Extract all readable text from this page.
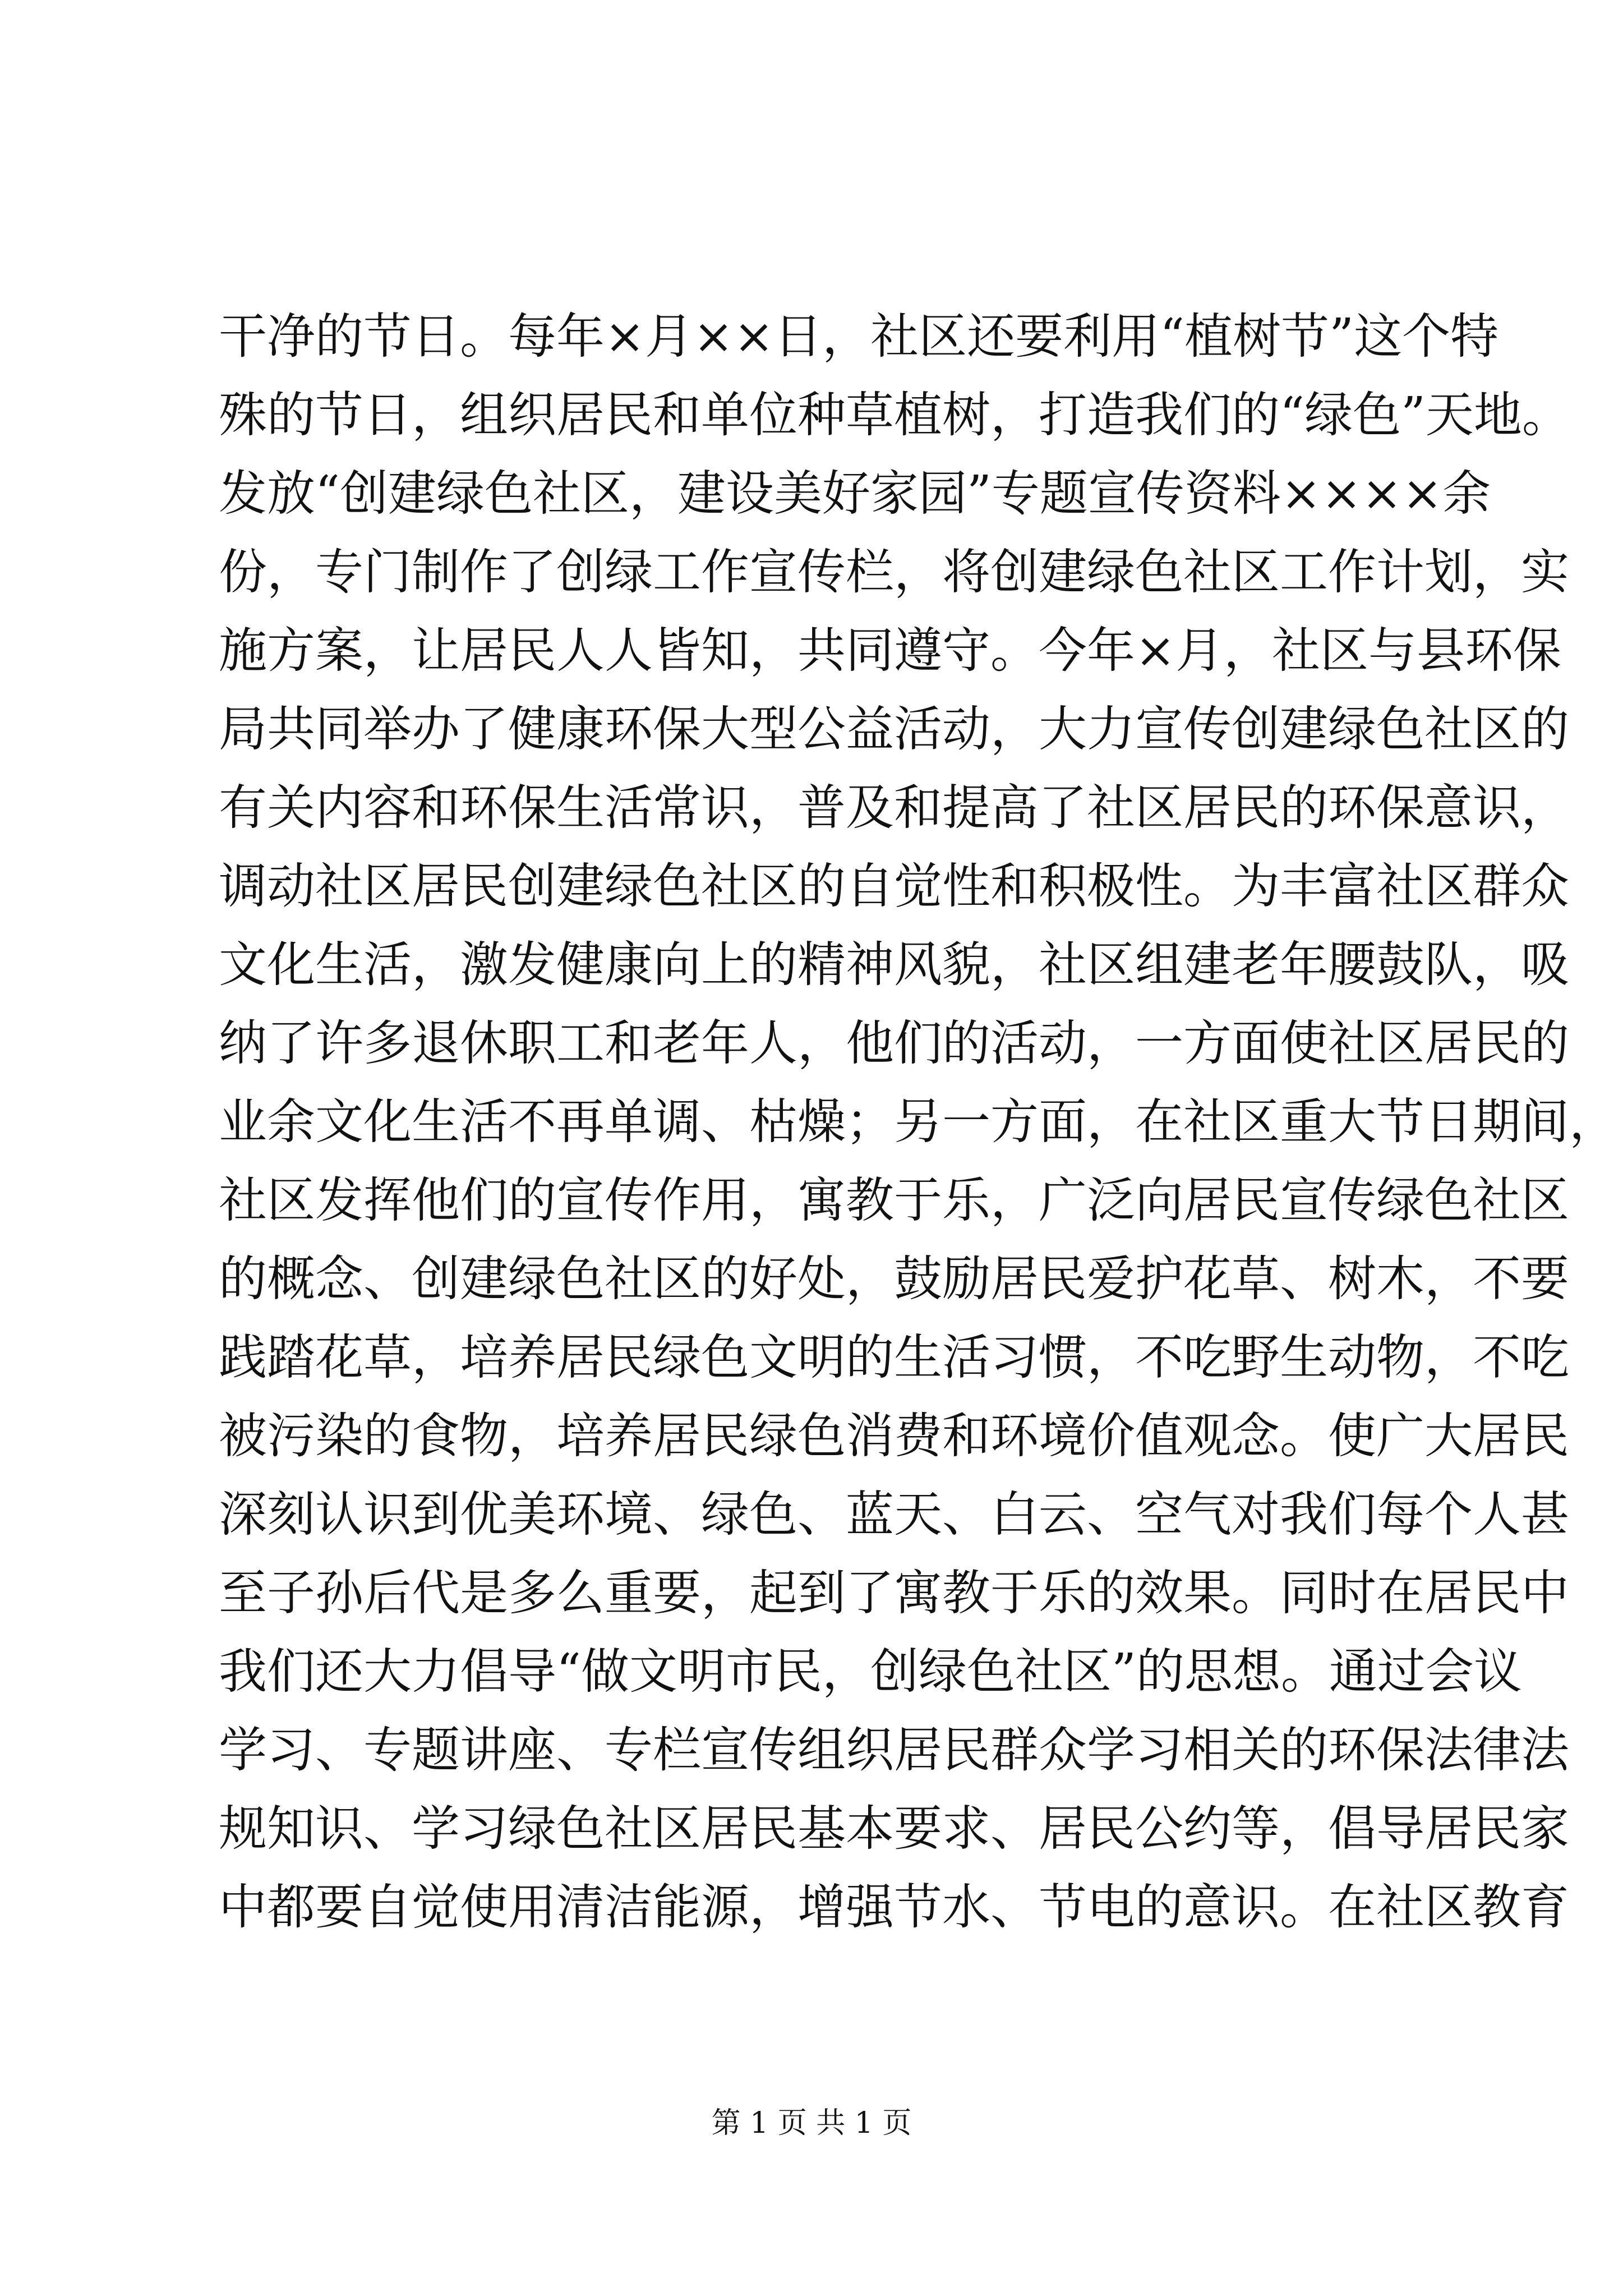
干净的节日。每年×月××日，社区还要利用“植树节”这个特
殊的节日，组织居民和单位种草植树，打造我们的“绿色”天地。
发放“创建绿色社区，建设美好家园”专题宣传资料××××余
份，专门制作了创绿工作宣传栏，将创建绿色社区工作计划，实
施方案，让居民人人皆知，共同遵守。今年×月，社区与县环保
局共同举办了健康环保大型公益活动，大力宣传创建绿色社区的
有关内容和环保生活常识，普及和提高了社区居民的环保意识，
调动社区居民创建绿色社区的自觉性和积极性。为丰富社区群众
文化生活，激发健康向上的精神风貌，社区组建老年腰鼓队，吸
纳了许多退休职工和老年人，他们的活动，一方面使社区居民的
业余文化生活不再单调、枯燥；另一方面，在社区重大节日期间，
社区发挥他们的宣传作用，寓教于乐，广泛向居民宣传绿色社区
的概念、创建绿色社区的好处，鼓励居民爱护花草、树木，不要
践踏花草，培养居民绿色文明的生活习惯，不吃野生动物，不吃
被污染的食物，培养居民绿色消费和环境价值观念。使广大居民
深刻认识到优美环境、绿色、蓝天、白云、空气对我们每个人甚
至子孙后代是多么重要，起到了寓教于乐的效果。同时在居民中
我们还大力倡导“做文明市民，创绿色社区”的思想。通过会议
学习、专题讲座、专栏宣传组织居民群众学习相关的环保法律法
规知识、学习绿色社区居民基本要求、居民公约等，倡导居民家
中都要自觉使用清洁能源，增强节水、节电的意识。在社区教育
第 1 页 共 1 页
